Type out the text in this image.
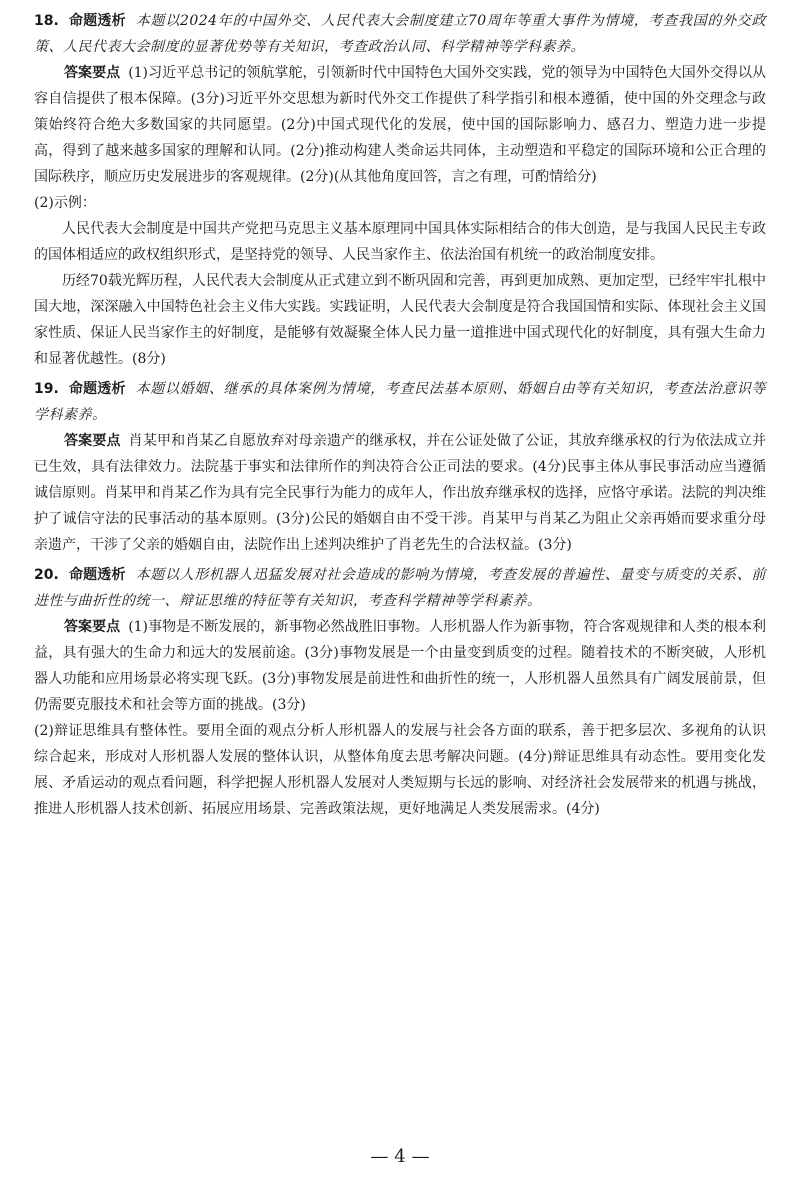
18. 命题透析 本题以2024年的中国外交、人民代表大会制度建立70周年等重大事件为情境，考查我国的外交政策、人民代表大会制度的显著优势等有关知识，考查政治认同、科学精神等学科素养。

答案要点 (1)习近平总书记的领航掌舵，引领新时代中国特色大国外交实践，党的领导为中国特色大国外交得以从容自信提供了根本保障。(3分)习近平外交思想为新时代外交工作提供了科学指引和根本遵循，使中国的外交理念与政策始终符合绝大多数国家的共同愿望。(2分)中国式现代化的发展，使中国的国际影响力、感召力、塑造力进一步提高，得到了越来越多国家的理解和认同。(2分)推动构建人类命运共同体，主动塑造和平稳定的国际环境和公正合理的国际秩序，顺应历史发展进步的客观规律。(2分)(从其他角度回答，言之有理，可酌情给分)

(2)示例：

人民代表大会制度是中国共产党把马克思主义基本原理同中国具体实际相结合的伟大创造，是与我国人民民主专政的国体相适应的政权组织形式，是坚持党的领导、人民当家作主、依法治国有机统一的政治制度安排。

历经70载光辉历程，人民代表大会制度从正式建立到不断巩固和完善，再到更加成熟、更加定型，已经牢牢扎根中国大地，深深融入中国特色社会主义伟大实践。实践证明，人民代表大会制度是符合我国国情和实际、体现社会主义国家性质、保证人民当家作主的好制度，是能够有效凝聚全体人民力量一道推进中国式现代化的好制度，具有强大生命力和显著优越性。(8分)

19. 命题透析 本题以婚姻、继承的具体案例为情境，考查民法基本原则、婚姻自由等有关知识，考查法治意识等学科素养。

答案要点 肖某甲和肖某乙自愿放弃对母亲遗产的继承权，并在公证处做了公证，其放弃继承权的行为依法成立并已生效，具有法律效力。法院基于事实和法律所作的判决符合公正司法的要求。(4分)民事主体从事民事活动应当遵循诚信原则。肖某甲和肖某乙作为具有完全民事行为能力的成年人，作出放弃继承权的选择，应恪守承诺。法院的判决维护了诚信守法的民事活动的基本原则。(3分)公民的婚姻自由不受干涉。肖某甲与肖某乙为阻止父亲再婚而要求重分母亲遗产，干涉了父亲的婚姻自由，法院作出上述判决维护了肖老先生的合法权益。(3分)

20. 命题透析 本题以人形机器人迅猛发展对社会造成的影响为情境，考查发展的普遍性、量变与质变的关系、前进性与曲折性的统一、辩证思维的特征等有关知识，考查科学精神等学科素养。

答案要点 (1)事物是不断发展的，新事物必然战胜旧事物。人形机器人作为新事物，符合客观规律和人类的根本利益，具有强大的生命力和远大的发展前途。(3分)事物发展是一个由量变到质变的过程。随着技术的不断突破，人形机器人功能和应用场景必将实现飞跃。(3分)事物发展是前进性和曲折性的统一，人形机器人虽然具有广阔发展前景，但仍需要克服技术和社会等方面的挑战。(3分)

(2)辩证思维具有整体性。要用全面的观点分析人形机器人的发展与社会各方面的联系，善于把多层次、多视角的认识综合起来，形成对人形机器人发展的整体认识，从整体角度去思考解决问题。(4分)辩证思维具有动态性。要用变化发展、矛盾运动的观点看问题，科学把握人形机器人发展对人类短期与长远的影响、对经济社会发展带来的机遇与挑战，推进人形机器人技术创新、拓展应用场景、完善政策法规，更好地满足人类发展需求。(4分)

— 4 —
